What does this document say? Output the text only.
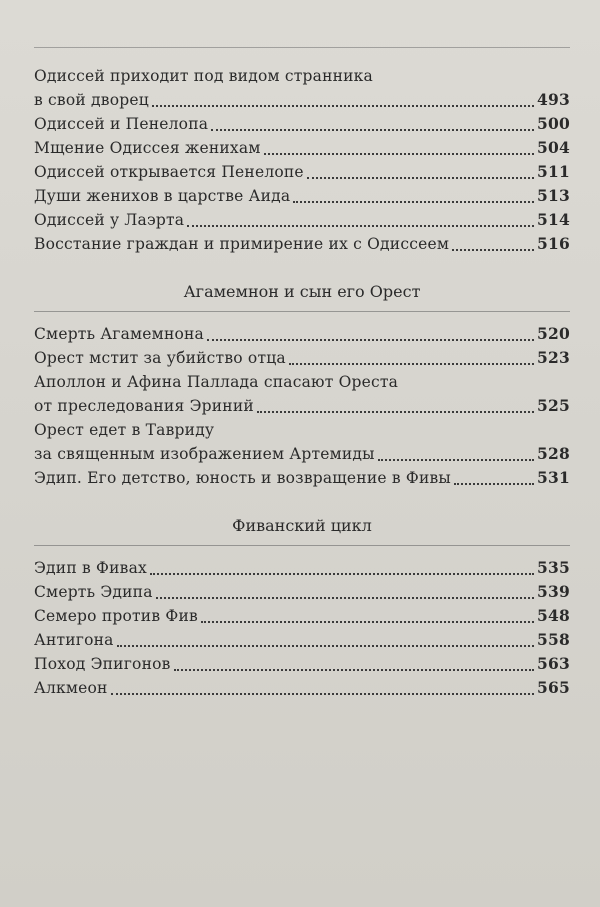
Одиссей приходит под видом странника
в свой дворец	493
Одиссей и Пенелопа	500
Мщение Одиссея женихам	504
Одиссей открывается Пенелопе	511
Души женихов в царстве Аида	513
Одиссей у Лаэрта	514
Восстание граждан и примирение их с Одиссеем	516
Агамемнон и сын его Орест
Смерть Агамемнона	520
Орест мстит за убийство отца	523
Аполлон и Афина Паллада спасают Ореста
от преследования Эриний	525
Орест едет в Тавриду
за священным изображением Артемиды	528
Эдип. Его детство, юность и возвращение в Фивы	531
Фиванский цикл
Эдип в Фивах	535
Смерть Эдипа	539
Семеро против Фив	548
Антигона	558
Поход Эпигонов	563
Алкмеон	565
